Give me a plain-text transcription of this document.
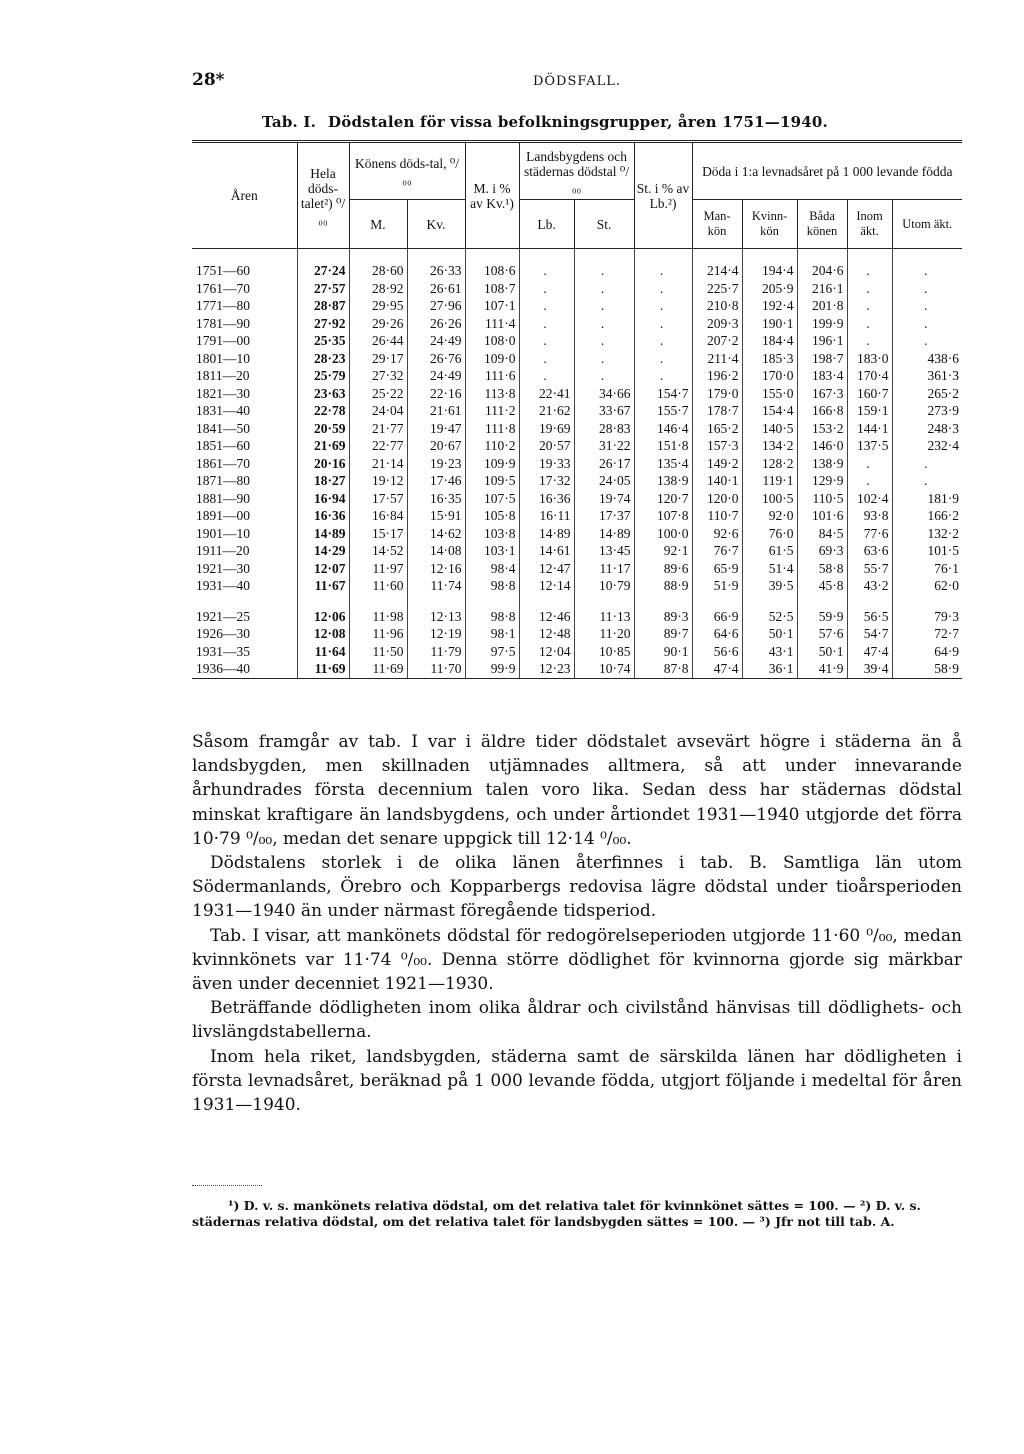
28*	DÖDSFALL.
Tab. I. Dödstalen för vissa befolkningsgrupper, åren 1751—1940.
Åren	Hela döds-talet²) ⁰/₀₀	Könens döds-tal, ⁰/₀₀		M. i % av Kv.¹)	Landsbygdens och städernas dödstal ⁰/₀₀		St. i % av Lb.²)	Döda i 1:a levnadsåret på 1 000 levande födda				
		M.	Kv.		Lb.	St.		Man-kön	Kvinn-kön	Båda könen	Inom äkt.	Utom äkt.

1751—60	27·24	28·60	26·33	108·6	.	.	.	214·4	194·4	204·6	.	.
1761—70	27·57	28·92	26·61	108·7	.	.	.	225·7	205·9	216·1	.	.
1771—80	28·87	29·95	27·96	107·1	.	.	.	210·8	192·4	201·8	.	.
1781—90	27·92	29·26	26·26	111·4	.	.	.	209·3	190·1	199·9	.	.
1791—00	25·35	26·44	24·49	108·0	.	.	.	207·2	184·4	196·1	.	.
1801—10	28·23	29·17	26·76	109·0	.	.	.	211·4	185·3	198·7	183·0	438·6
1811—20	25·79	27·32	24·49	111·6	.	.	.	196·2	170·0	183·4	170·4	361·3
1821—30	23·63	25·22	22·16	113·8	22·41	34·66	154·7	179·0	155·0	167·3	160·7	265·2
1831—40	22·78	24·04	21·61	111·2	21·62	33·67	155·7	178·7	154·4	166·8	159·1	273·9
1841—50	20·59	21·77	19·47	111·8	19·69	28·83	146·4	165·2	140·5	153·2	144·1	248·3
1851—60	21·69	22·77	20·67	110·2	20·57	31·22	151·8	157·3	134·2	146·0	137·5	232·4
1861—70	20·16	21·14	19·23	109·9	19·33	26·17	135·4	149·2	128·2	138·9	.	.
1871—80	18·27	19·12	17·46	109·5	17·32	24·05	138·9	140·1	119·1	129·9	.	.
1881—90	16·94	17·57	16·35	107·5	16·36	19·74	120·7	120·0	100·5	110·5	102·4	181·9
1891—00	16·36	16·84	15·91	105·8	16·11	17·37	107·8	110·7	92·0	101·6	93·8	166·2
1901—10	14·89	15·17	14·62	103·8	14·89	14·89	100·0	92·6	76·0	84·5	77·6	132·2
1911—20	14·29	14·52	14·08	103·1	14·61	13·45	92·1	76·7	61·5	69·3	63·6	101·5
1921—30	12·07	11·97	12·16	98·4	12·47	11·17	89·6	65·9	51·4	58·8	55·7	76·1
1931—40	11·67	11·60	11·74	98·8	12·14	10·79	88·9	51·9	39·5	45·8	43·2	62·0

1921—25	12·06	11·98	12·13	98·8	12·46	11·13	89·3	66·9	52·5	59·9	56·5	79·3
1926—30	12·08	11·96	12·19	98·1	12·48	11·20	89·7	64·6	50·1	57·6	54·7	72·7
1931—35	11·64	11·50	11·79	97·5	12·04	10·85	90·1	56·6	43·1	50·1	47·4	64·9
1936—40	11·69	11·69	11·70	99·9	12·23	10·74	87·8	47·4	36·1	41·9	39·4	58·9

Såsom framgår av tab. I var i äldre tider dödstalet avsevärt högre i städerna än å landsbygden, men skillnaden utjämnades alltmera, så att under innevarande århundrades första decennium talen voro lika. Sedan dess har städernas dödstal minskat kraftigare än landsbygdens, och under årtiondet 1931—1940 utgjorde det förra 10·79 ⁰/₀₀, medan det senare uppgick till 12·14 ⁰/₀₀.

Dödstalens storlek i de olika länen återfinnes i tab. B. Samtliga län utom Södermanlands, Örebro och Kopparbergs redovisa lägre dödstal under tioårsperioden 1931—1940 än under närmast föregående tidsperiod.

Tab. I visar, att mankönets dödstal för redogörelseperioden utgjorde 11·60 ⁰/₀₀, medan kvinnkönets var 11·74 ⁰/₀₀. Denna större dödlighet för kvinnorna gjorde sig märkbar även under decenniet 1921—1930.

Beträffande dödligheten inom olika åldrar och civilstånd hänvisas till dödlighets- och livslängdstabellerna.

Inom hela riket, landsbygden, städerna samt de särskilda länen har dödligheten i första levnadsåret, beräknad på 1 000 levande födda, utgjort följande i medeltal för åren 1931—1940.

¹) D. v. s. mankönets relativa dödstal, om det relativa talet för kvinnkönet sättes = 100. — ²) D. v. s. städernas relativa dödstal, om det relativa talet för landsbygden sättes = 100. — ³) Jfr not till tab. A.
